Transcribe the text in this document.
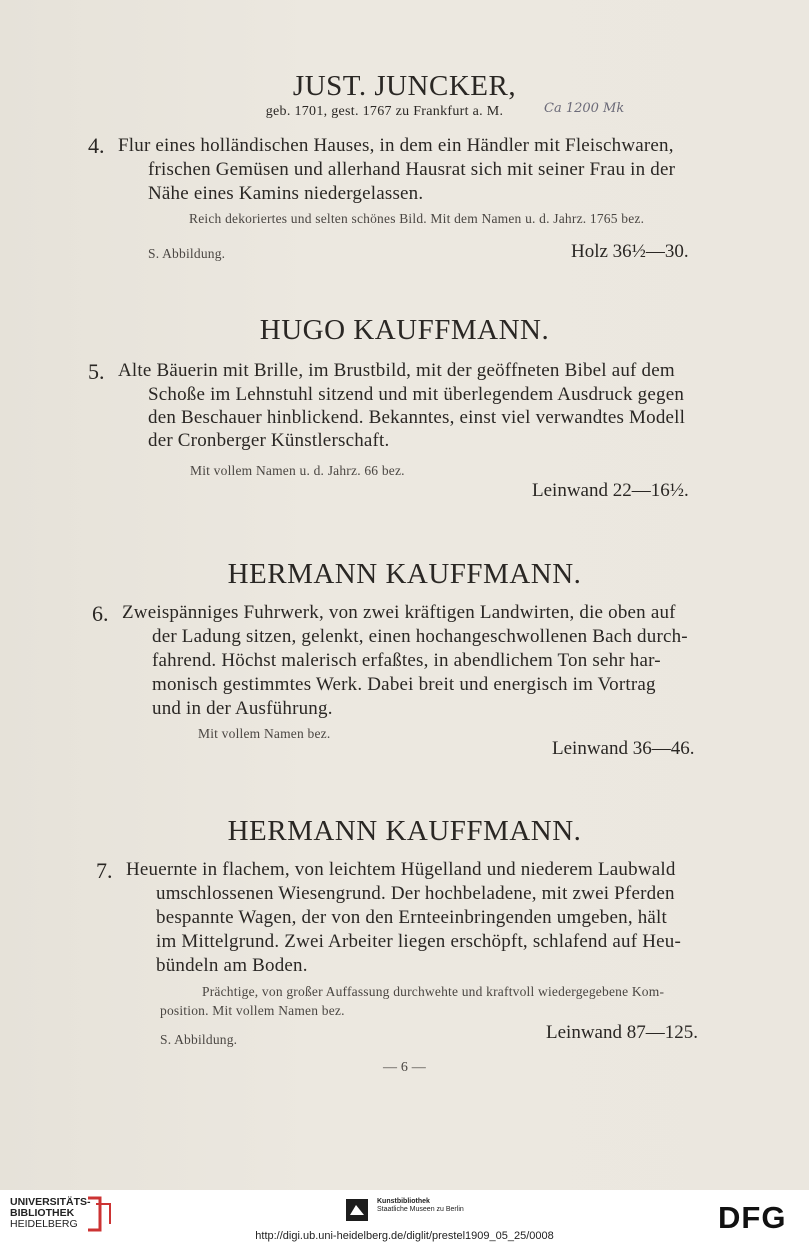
JUST. JUNCKER,
geb. 1701, gest. 1767 zu Frankfurt a. M.	Ca 1200 Mk
4. Flur eines holländischen Hauses, in dem ein Händler mit Fleischwaren,
frischen Gemüsen und allerhand Hausrat sich mit seiner Frau in der
Nähe eines Kamins niedergelassen.
Reich dekoriertes und selten schönes Bild. Mit dem Namen u. d. Jahrz. 1765 bez.
S. Abbildung.	Holz 36½—30.
HUGO KAUFFMANN.
5. Alte Bäuerin mit Brille, im Brustbild, mit der geöffneten Bibel auf dem
Schoße im Lehnstuhl sitzend und mit überlegendem Ausdruck gegen
den Beschauer hinblickend. Bekanntes, einst viel verwandtes Modell
der Cronberger Künstlerschaft.
Mit vollem Namen u. d. Jahrz. 66 bez.
Leinwand 22—16½.
HERMANN KAUFFMANN.
6. Zweispänniges Fuhrwerk, von zwei kräftigen Landwirten, die oben auf
der Ladung sitzen, gelenkt, einen hochangeschwollenen Bach durch-
fahrend. Höchst malerisch erfaßtes, in abendlichem Ton sehr har-
monisch gestimmtes Werk. Dabei breit und energisch im Vortrag
und in der Ausführung.
Mit vollem Namen bez.
Leinwand 36—46.
HERMANN KAUFFMANN.
7. Heuernte in flachem, von leichtem Hügelland und niederem Laubwald
umschlossenen Wiesengrund. Der hochbeladene, mit zwei Pferden
bespannte Wagen, der von den Ernteeinbringenden umgeben, hält
im Mittelgrund. Zwei Arbeiter liegen erschöpft, schlafend auf Heu-
bündeln am Boden.
Prächtige, von großer Auffassung durchwehte und kraftvoll wiedergegebene Kom-
position. Mit vollem Namen bez.
S. Abbildung.	Leinwand 87—125.
— 6 —
UNIVERSITÄTS-
BIBLIOTHEK
HEIDELBERG
Kunstbibliothek
Staatliche Museen zu Berlin	DFG
http://digi.ub.uni-heidelberg.de/diglit/prestel1909_05_25/0008
